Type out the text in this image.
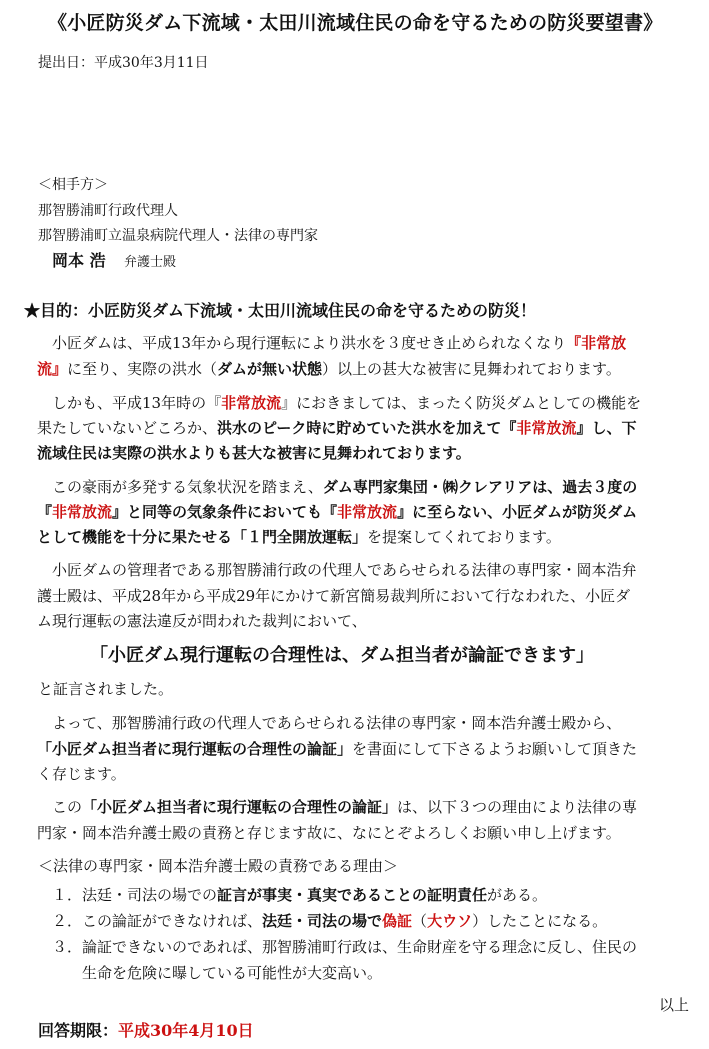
《小匠防災ダム下流域・太田川流域住民の命を守るための防災要望書》
提出日：平成30年3月11日
＜相手方＞
那智勝浦町行政代理人
那智勝浦町立温泉病院代理人・法律の専門家
岡本 浩 弁護士殿
★目的：小匠防災ダム下流域・太田川流域住民の命を守るための防災！
小匠ダムは、平成13年から現行運転により洪水を３度せき止められなくなり『非常放
流』に至り、実際の洪水（ダムが無い状態）以上の甚大な被害に見舞われております。
しかも、平成13年時の『非常放流』におきましては、まったく防災ダムとしての機能を
果たしていないどころか、洪水のピーク時に貯めていた洪水を加えて『非常放流』し、下
流域住民は実際の洪水よりも甚大な被害に見舞われております。
この豪雨が多発する気象状況を踏まえ、ダム専門家集団・㈱クレアリアは、過去３度の
『非常放流』と同等の気象条件においても『非常放流』に至らない、小匠ダムが防災ダム
として機能を十分に果たせる「１門全開放運転」を提案してくれております。
小匠ダムの管理者である那智勝浦行政の代理人であらせられる法律の専門家・岡本浩弁
護士殿は、平成28年から平成29年にかけて新宮簡易裁判所において行なわれた、小匠ダ
ム現行運転の憲法違反が問われた裁判において、
「小匠ダム現行運転の合理性は、ダム担当者が論証できます」
と証言されました。
よって、那智勝浦行政の代理人であらせられる法律の専門家・岡本浩弁護士殿から、
「小匠ダム担当者に現行運転の合理性の論証」を書面にして下さるようお願いして頂きた
く存じます。
この「小匠ダム担当者に現行運転の合理性の論証」は、以下３つの理由により法律の専
門家・岡本浩弁護士殿の責務と存じます故に、なにとぞよろしくお願い申し上げます。
＜法律の専門家・岡本浩弁護士殿の責務である理由＞
１．法廷・司法の場での証言が事実・真実であることの証明責任がある。
２．この論証ができなければ、法廷・司法の場で偽証（大ウソ）したことになる。
３．論証できないのであれば、那智勝浦町行政は、生命財産を守る理念に反し、住民の
生命を危険に曝している可能性が大変高い。
以上
回答期限：平成30年4月10日
